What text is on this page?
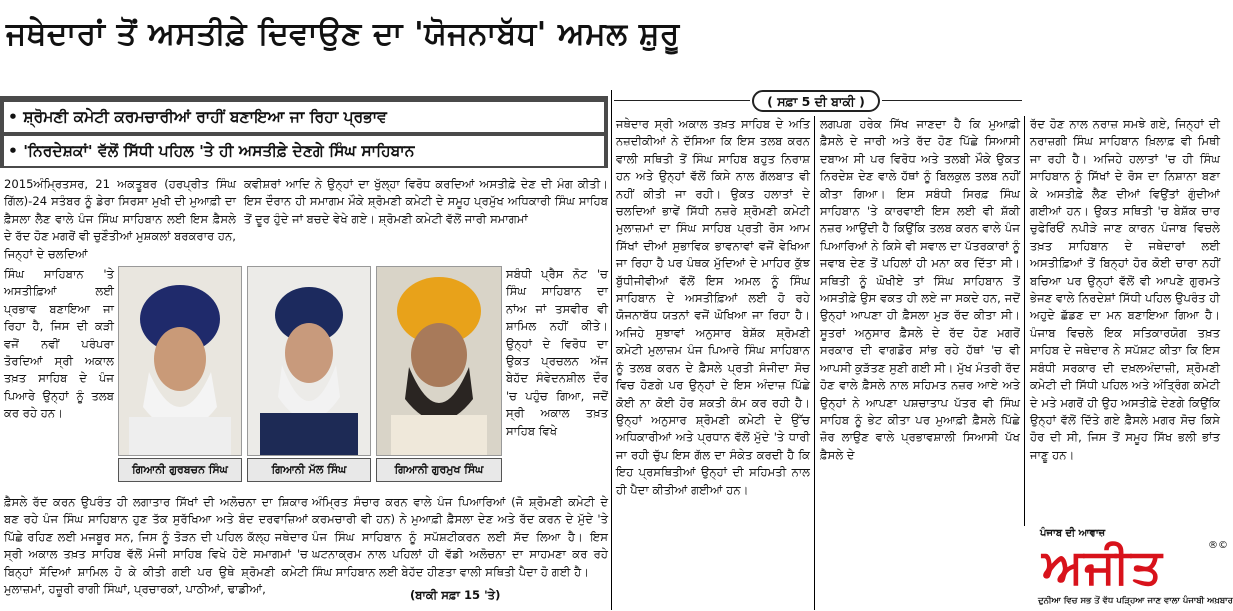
ਜਥੇਦਾਰਾਂ ਤੋਂ ਅਸਤੀਫ਼ੇ ਦਿਵਾਉਣ ਦਾ 'ਯੋਜਨਾਬੱਧ' ਅਮਲ ਸ਼ੁਰੂ
• ਸ਼੍ਰੋਮਣੀ ਕਮੇਟੀ ਕਰਮਚਾਰੀਆਂ ਰਾਹੀਂ ਬਣਾਇਆ ਜਾ ਰਿਹਾ ਪ੍ਰਭਾਵ
• 'ਨਿਰਦੇਸ਼ਕਾਂ' ਵੱਲੋਂ ਸਿੱਧੀ ਪਹਿਲ 'ਤੇ ਹੀ ਅਸਤੀਫ਼ੇ ਦੇਣਗੇ ਸਿੰਘ ਸਾਹਿਬਾਨ

2015ਅੰਮ੍ਰਿਤਸਰ, 21 ਅਕਤੂਬਰ (ਹਰਪ੍ਰੀਤ ਸਿੰਘ ਗਿੱਲ)-24 ਸਤੰਬਰ ਨੂੰ ਡੇਰਾ ਸਿਰਸਾ ਮੁਖੀ ਦੀ ਮੁਆਫ਼ੀ ਦਾ ਫ਼ੈਸਲਾ ਲੈਣ ਵਾਲੇ ਪੰਜ ਸਿੰਘ ਸਾਹਿਬਾਨ ਲਈ ਇਸ ਫ਼ੈਸਲੇ ਦੇ ਰੱਦ ਹੋਣ ਮਗਰੋਂ ਵੀ ਚੁਣੌਤੀਆਂ ਮੁਸ਼ਕਲਾਂ ਬਰਕਰਾਰ ਹਨ, ਜਿਨ੍ਹਾਂ ਦੇ ਚਲਦਿਆਂ

ਸਿੰਘ ਸਾਹਿਬਾਨ 'ਤੇ ਅਸਤੀਫ਼ਿਆਂ ਲਈ ਪ੍ਰਭਾਵ ਬਣਾਇਆ ਜਾ ਰਿਹਾ ਹੈ, ਜਿਸ ਦੀ ਕੜੀ ਵਜੋਂ ਨਵੀਂ ਪਰੰਪਰਾ ਤੋਰਦਿਆਂ ਸ੍ਰੀ ਅਕਾਲ ਤਖ਼ਤ ਸਾਹਿਬ ਦੇ ਪੰਜ ਪਿਆਰੇ ਉਨ੍ਹਾਂ ਨੂੰ ਤਲਬ ਕਰ ਰਹੇ ਹਨ।

ਫ਼ੈਸਲੇ ਰੱਦ ਕਰਨ ਉਪਰੰਤ ਹੀ ਲਗਾਤਾਰ ਸਿੱਖਾਂ ਦੀ ਅਲੋਚਨਾ ਦਾ ਸ਼ਿਕਾਰ ਬਣ ਰਹੇ ਪੰਜ ਸਿੰਘ ਸਾਹਿਬਾਨ ਹੁਣ ਤੱਕ ਸੁਰੱਖਿਆ ਅਤੇ ਬੰਦ ਦਰਵਾਜ਼ਿਆਂ ਪਿੱਛੇ ਰਹਿਣ ਲਈ ਮਜਬੂਰ ਸਨ, ਜਿਸ ਨੂੰ ਤੋੜਨ ਦੀ ਪਹਿਲ ਕੱਲ੍ਹ ਜਥੇਦਾਰ ਸ੍ਰੀ ਅਕਾਲ ਤਖ਼ਤ ਸਾਹਿਬ ਵੱਲੋਂ ਮੰਜੀ ਸਾਹਿਬ ਵਿਖੇ ਹੋਏ ਸਮਾਗਮਾਂ 'ਚ ਬਿਨ੍ਹਾਂ ਸੱਦਿਆਂ ਸ਼ਾਮਿਲ ਹੋ ਕੇ ਕੀਤੀ ਗਈ ਪਰ ਉਥੇ ਸ਼੍ਰੋਮਣੀ ਕਮੇਟੀ ਮੁਲਾਜ਼ਮਾਂ, ਹਜ਼ੂਰੀ ਰਾਗੀ ਸਿੰਘਾਂ, ਪ੍ਰਚਾਰਕਾਂ, ਪਾਠੀਆਂ, ਢਾਡੀਆਂ,

ਗਿਆਨੀ ਗੁਰਬਚਨ ਸਿੰਘ	ਗਿਆਨੀ ਮੱਲ ਸਿੰਘ	ਗਿਆਨੀ ਗੁਰਮੁਖ ਸਿੰਘ

ਕਵੀਸ਼ਰਾਂ ਆਦਿ ਨੇ ਉਨ੍ਹਾਂ ਦਾ ਖੁੱਲ੍ਹਾ ਵਿਰੋਧ ਕਰਦਿਆਂ ਅਸਤੀਫ਼ੇ ਦੇਣ ਦੀ ਮੰਗ ਕੀਤੀ। ਇਸ ਦੌਰਾਨ ਹੀ ਸਮਾਗਮ ਮੌਕੇ ਸ਼੍ਰੋਮਣੀ ਕਮੇਟੀ ਦੇ ਸਮੂਹ ਪ੍ਰਮੁੱਖ ਅਧਿਕਾਰੀ ਸਿੰਘ ਸਾਹਿਬ ਤੋਂ ਦੂਰ ਹੁੰਦੇ ਜਾਂ ਬਚਦੇ ਵੇਖੇ ਗਏ। ਸ਼੍ਰੋਮਣੀ ਕਮੇਟੀ ਵੱਲੋਂ ਜਾਰੀ ਸਮਾਗਮਾਂ

ਸਬੰਧੀ ਪ੍ਰੈਸ ਨੋਟ 'ਚ ਸਿੰਘ ਸਾਹਿਬਾਨ ਦਾ ਨਾਂਅ ਜਾਂ ਤਸਵੀਰ ਵੀ ਸ਼ਾਮਿਲ ਨਹੀਂ ਕੀਤੇ। ਉਨ੍ਹਾਂ ਦੇ ਵਿਰੋਧ ਦਾ ਉਕਤ ਪ੍ਰਚਲਨ ਅੱਜ ਬੇਹੱਦ ਸੰਵੇਦਨਸ਼ੀਲ ਦੌਰ 'ਚ ਪਹੁੰਚ ਗਿਆ, ਜਦੋਂ ਸ੍ਰੀ ਅਕਾਲ ਤਖ਼ਤ ਸਾਹਿਬ ਵਿਖੇ

ਅੰਮ੍ਰਿਤ ਸੰਚਾਰ ਕਰਨ ਵਾਲੇ ਪੰਜ ਪਿਆਰਿਆਂ (ਜੋ ਸ਼੍ਰੋਮਣੀ ਕਮੇਟੀ ਦੇ ਕਰਮਚਾਰੀ ਵੀ ਹਨ) ਨੇ ਮੁਆਫ਼ੀ ਫ਼ੈਸਲਾ ਦੇਣ ਅਤੇ ਰੱਦ ਕਰਨ ਦੇ ਮੁੱਦੇ 'ਤੇ ਪੰਜ ਸਿੰਘ ਸਾਹਿਬਾਨ ਨੂੰ ਸਪੱਸ਼ਟੀਕਰਨ ਲਈ ਸੱਦ ਲਿਆ ਹੈ। ਇਸ ਘਟਨਾਕ੍ਰਮ ਨਾਲ ਪਹਿਲਾਂ ਹੀ ਵੱਡੀ ਅਲੋਚਨਾ ਦਾ ਸਾਹਮਣਾ ਕਰ ਰਹੇ ਸਿੰਘ ਸਾਹਿਬਾਨ ਲਈ ਬੇਹੱਦ ਹੀਣਤਾ ਵਾਲੀ ਸਥਿਤੀ ਪੈਦਾ ਹੋ ਗਈ ਹੈ।

(ਬਾਕੀ ਸਫ਼ਾ 15 'ਤੇ)
( ਸਫ਼ਾ 5 ਦੀ ਬਾਕੀ )

ਜਥੇਦਾਰ ਸ੍ਰੀ ਅਕਾਲ ਤਖ਼ਤ ਸਾਹਿਬ ਦੇ ਅਤਿ ਨਜ਼ਦੀਕੀਆਂ ਨੇ ਦੱਸਿਆ ਕਿ ਇਸ ਤਲਬ ਕਰਨ ਵਾਲੀ ਸਥਿਤੀ ਤੋਂ ਸਿੰਘ ਸਾਹਿਬ ਬਹੁਤ ਨਿਰਾਸ਼ ਹਨ ਅਤੇ ਉਨ੍ਹਾਂ ਵੱਲੋਂ ਕਿਸੇ ਨਾਲ ਗੱਲਬਾਤ ਵੀ ਨਹੀਂ ਕੀਤੀ ਜਾ ਰਹੀ। ਉਕਤ ਹਲਾਤਾਂ ਦੇ ਚਲਦਿਆਂ ਭਾਵੇਂ ਸਿੱਧੀ ਨਜ਼ਰੇ ਸ਼੍ਰੋਮਣੀ ਕਮੇਟੀ ਮੁਲਾਜ਼ਮਾਂ ਦਾ ਸਿੰਘ ਸਾਹਿਬ ਪ੍ਰਤੀ ਰੋਸ ਆਮ ਸਿੱਖਾਂ ਦੀਆਂ ਸੁਭਾਵਿਕ ਭਾਵਨਾਵਾਂ ਵਜੋਂ ਵੇਖਿਆ ਜਾ ਰਿਹਾ ਹੈ ਪਰ ਪੰਥਕ ਮੁੱਦਿਆਂ ਦੇ ਮਾਹਿਰ ਕੁੱਝ ਬੁੱਧੀਜੀਵੀਆਂ ਵੱਲੋਂ ਇਸ ਅਮਲ ਨੂੰ ਸਿੰਘ ਸਾਹਿਬਾਨ ਦੇ ਅਸਤੀਫ਼ਿਆਂ ਲਈ ਹੋ ਰਹੇ ਯੋਜਨਾਬੱਧ ਯਤਨਾਂ ਵਜੋਂ ਘੋਖਿਆ ਜਾ ਰਿਹਾ ਹੈ। ਅਜਿਹੇ ਸੁਝਾਵਾਂ ਅਨੁਸਾਰ ਬੇਸ਼ੱਕ ਸ਼੍ਰੋਮਣੀ ਕਮੇਟੀ ਮੁਲਾਜ਼ਮ ਪੰਜ ਪਿਆਰੇ ਸਿੰਘ ਸਾਹਿਬਾਨ ਨੂੰ ਤਲਬ ਕਰਨ ਦੇ ਫ਼ੈਸਲੇ ਪ੍ਰਤੀ ਸੰਜੀਦਾ ਸੋਚ ਵਿਚ ਹੋਣਗੇ ਪਰ ਉਨ੍ਹਾਂ ਦੇ ਇਸ ਅੰਦਾਜ਼ ਪਿੱਛੇ ਕੋਈ ਨਾ ਕੋਈ ਹੋਰ ਸ਼ਕਤੀ ਕੰਮ ਕਰ ਰਹੀ ਹੈ। ਉਨ੍ਹਾਂ ਅਨੁਸਾਰ ਸ਼੍ਰੋਮਣੀ ਕਮੇਟੀ ਦੇ ਉੱਚ ਅਧਿਕਾਰੀਆਂ ਅਤੇ ਪ੍ਰਧਾਨ ਵੱਲੋਂ ਮੁੱਦੇ 'ਤੇ ਧਾਰੀ ਜਾ ਰਹੀ ਚੁੱਪ ਇਸ ਗੱਲ ਦਾ ਸੰਕੇਤ ਕਰਦੀ ਹੈ ਕਿ ਇਹ ਪ੍ਰਸਥਿਤੀਆਂ ਉਨ੍ਹਾਂ ਦੀ ਸਹਿਮਤੀ ਨਾਲ ਹੀ ਪੈਦਾ ਕੀਤੀਆਂ ਗਈਆਂ ਹਨ।

ਲਗਪਗ ਹਰੇਕ ਸਿੱਖ ਜਾਣਦਾ ਹੈ ਕਿ ਮੁਆਫ਼ੀ ਫ਼ੈਸਲੇ ਦੇ ਜਾਰੀ ਅਤੇ ਰੱਦ ਹੋਣ ਪਿੱਛੇ ਸਿਆਸੀ ਦਬਾਅ ਸੀ ਪਰ ਵਿਰੋਧ ਅਤੇ ਤਲਬੀ ਮੌਕੇ ਉਕਤ ਨਿਰਦੇਸ਼ ਦੇਣ ਵਾਲੇ ਹੱਥਾਂ ਨੂੰ ਬਿਲਕੁਲ ਤਲਬ ਨਹੀਂ ਕੀਤਾ ਗਿਆ। ਇਸ ਸਬੰਧੀ ਸਿਰਫ਼ ਸਿੰਘ ਸਾਹਿਬਾਨ 'ਤੇ ਕਾਰਵਾਈ ਇਸ ਲਈ ਵੀ ਸ਼ੱਕੀ ਨਜ਼ਰ ਆਉਂਦੀ ਹੈ ਕਿਉਂਕਿ ਤਲਬ ਕਰਨ ਵਾਲੇ ਪੰਜ ਪਿਆਰਿਆਂ ਨੇ ਕਿਸੇ ਵੀ ਸਵਾਲ ਦਾ ਪੱਤਰਕਾਰਾਂ ਨੂੰ ਜਵਾਬ ਦੇਣ ਤੋਂ ਪਹਿਲਾਂ ਹੀ ਮਨਾ ਕਰ ਦਿੱਤਾ ਸੀ। ਸਥਿਤੀ ਨੂੰ ਘੋਖੀਏ ਤਾਂ ਸਿੰਘ ਸਾਹਿਬਾਨ ਤੋਂ ਅਸਤੀਫ਼ੇ ਉਸ ਵਕਤ ਹੀ ਲਏ ਜਾ ਸਕਦੇ ਹਨ, ਜਦੋਂ ਉਨ੍ਹਾਂ ਆਪਣਾ ਹੀ ਫ਼ੈਸਲਾ ਮੁੜ ਰੱਦ ਕੀਤਾ ਸੀ। ਸੂਤਰਾਂ ਅਨੁਸਾਰ ਫ਼ੈਸਲੇ ਦੇ ਰੱਦ ਹੋਣ ਮਗਰੋਂ ਸਰਕਾਰ ਦੀ ਵਾਗਡੋਰ ਸਾਂਭ ਰਹੇ ਹੱਥਾਂ 'ਚ ਵੀ ਆਪਸੀ ਕੁੜੱਤਣ ਸੁਣੀ ਗਈ ਸੀ। ਮੁੱਖ ਮੰਤਰੀ ਰੱਦ ਹੋਣ ਵਾਲੇ ਫ਼ੈਸਲੇ ਨਾਲ ਸਹਿਮਤ ਨਜ਼ਰ ਆਏ ਅਤੇ ਉਨ੍ਹਾਂ ਨੇ ਆਪਣਾ ਪਸ਼ਚਾਤਾਪ ਪੱਤਰ ਵੀ ਸਿੰਘ ਸਾਹਿਬ ਨੂੰ ਭੇਟ ਕੀਤਾ ਪਰ ਮੁਆਫ਼ੀ ਫ਼ੈਸਲੇ ਪਿੱਛੇ ਜ਼ੋਰ ਲਾਉਣ ਵਾਲੇ ਪ੍ਰਭਾਵਸ਼ਾਲੀ ਸਿਆਸੀ ਪੱਖ ਫ਼ੈਸਲੇ ਦੇ

ਰੱਦ ਹੋਣ ਨਾਲ ਨਰਾਜ਼ ਸਮਝੇ ਗਏ, ਜਿਨ੍ਹਾਂ ਦੀ ਨਰਾਜ਼ਗੀ ਸਿੰਘ ਸਾਹਿਬਾਨ ਖ਼ਿਲਾਫ਼ ਵੀ ਮਿਥੀ ਜਾ ਰਹੀ ਹੈ। ਅਜਿਹੇ ਹਲਾਤਾਂ 'ਚ ਹੀ ਸਿੰਘ ਸਾਹਿਬਾਨ ਨੂੰ ਸਿੱਖਾਂ ਦੇ ਰੋਸ ਦਾ ਨਿਸ਼ਾਨਾ ਬਣਾ ਕੇ ਅਸਤੀਫ਼ੇ ਲੈਣ ਦੀਆਂ ਵਿਉਂਤਾਂ ਗੁੰਦੀਆਂ ਗਈਆਂ ਹਨ। ਉਕਤ ਸਥਿਤੀ 'ਚ ਬੇਸ਼ੱਕ ਚਾਰ ਚੁਫੇਰਿਓਂ ਨਪੀੜੇ ਜਾਣ ਕਾਰਨ ਪੰਜਾਬ ਵਿਚਲੇ ਤਖ਼ਤ ਸਾਹਿਬਾਨ ਦੇ ਜਥੇਦਾਰਾਂ ਲਈ ਅਸਤੀਫ਼ਿਆਂ ਤੋਂ ਬਿਨ੍ਹਾਂ ਹੋਰ ਕੋਈ ਚਾਰਾ ਨਹੀਂ ਬਚਿਆ ਪਰ ਉਨ੍ਹਾਂ ਵੱਲੋਂ ਵੀ ਆਪਣੇ ਗੁਰਮਤੇ ਭੇਜਣ ਵਾਲੇ ਨਿਰਦੇਸ਼ਾਂ ਸਿੱਧੀ ਪਹਿਲ ਉਪਰੰਤ ਹੀ ਅਹੁਦੇ ਛੱਡਣ ਦਾ ਮਨ ਬਣਾਇਆ ਗਿਆ ਹੈ। ਪੰਜਾਬ ਵਿਚਲੇ ਇਕ ਸਤਿਕਾਰਯੋਗ ਤਖ਼ਤ ਸਾਹਿਬ ਦੇ ਜਥੇਦਾਰ ਨੇ ਸਪੱਸ਼ਟ ਕੀਤਾ ਕਿ ਇਸ ਸਬੰਧੀ ਸਰਕਾਰ ਦੀ ਦਖ਼ਲਅੰਦਾਜ਼ੀ, ਸ਼੍ਰੋਮਣੀ ਕਮੇਟੀ ਦੀ ਸਿੱਧੀ ਪਹਿਲ ਅਤੇ ਅੰਤ੍ਰਿੰਗ ਕਮੇਟੀ ਦੇ ਮਤੇ ਮਗਰੋਂ ਹੀ ਉਹ ਅਸਤੀਫ਼ੇ ਦੇਣਗੇ ਕਿਉਂਕਿ ਉਨ੍ਹਾਂ ਵੱਲੋਂ ਦਿੱਤੇ ਗਏ ਫ਼ੈਸਲੇ ਮਗਰ ਸੋਚ ਕਿਸੇ ਹੋਰ ਦੀ ਸੀ, ਜਿਸ ਤੋਂ ਸਮੂਹ ਸਿੱਖ ਭਲੀ ਭਾਂਤ ਜਾਣੂ ਹਨ।

ਪੰਜਾਬ ਦੀ ਆਵਾਜ਼
ਅਜੀਤ	®©
ਦੁਨੀਆ ਵਿਚ ਸਭ ਤੋਂ ਵੱਧ ਪੜ੍ਹਿਆ ਜਾਣ ਵਾਲਾ ਪੰਜਾਬੀ ਅਖ਼ਬਾਰ
